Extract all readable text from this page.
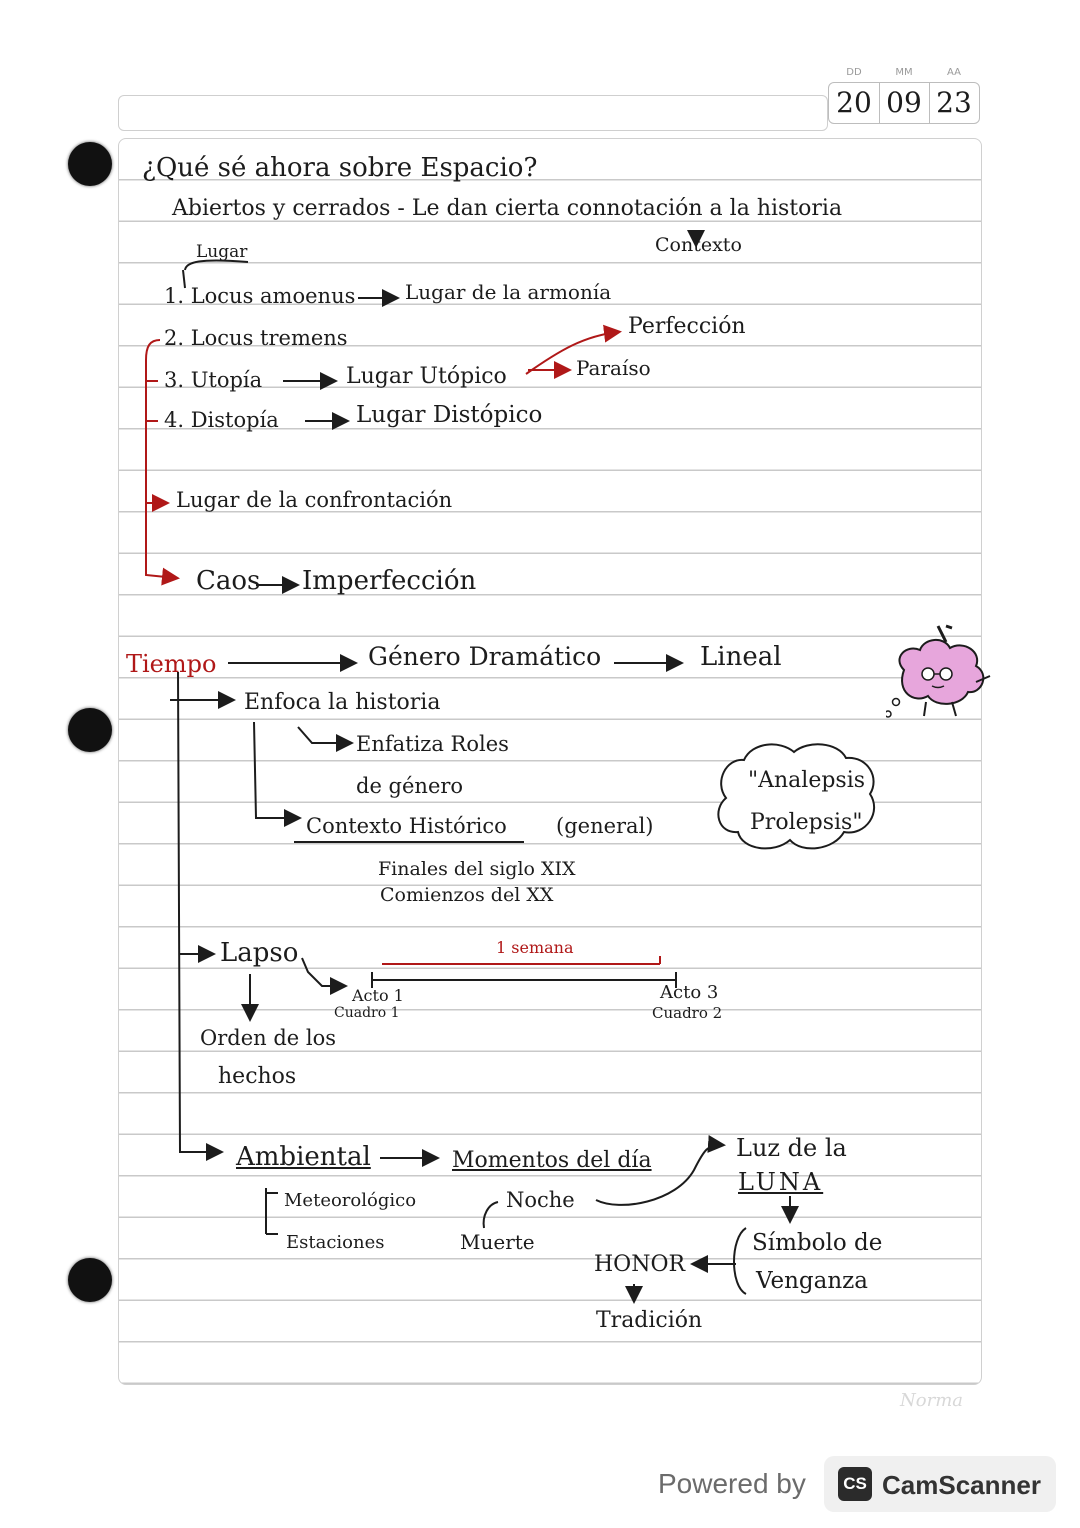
DD	MM	AA
20 09 23
¿Qué sé ahora sobre Espacio?
Abiertos y cerrados - Le dan cierta connotación a la historia
Lugar	Contexto
1. Locus amoenus Lugar de la armonía
2. Locus tremens	Perfección
3. Utopía	Lugar Utópico	Paraíso
4. Distopía	Lugar Distópico
Lugar de la confrontación
Caos Imperfección
Tiempo	Género Dramático	Lineal
Enfoca la historia
Enfatiza Roles
de género
Contexto Histórico (general)
Finales del siglo XIX
Comienzos del XX
"Analepsis
Prolepsis"
Lapso	1 semana
Acto 1
Cuadro 1
Acto 3
Cuadro 2
Orden de los
hechos
Ambiental	Momentos del día	Luz de la
LUNA
Meteorológico
Estaciones
Noche
Muerte	Símbolo de
Venganza
HONOR
Tradición
Norma
Powered by	CS CamScanner
